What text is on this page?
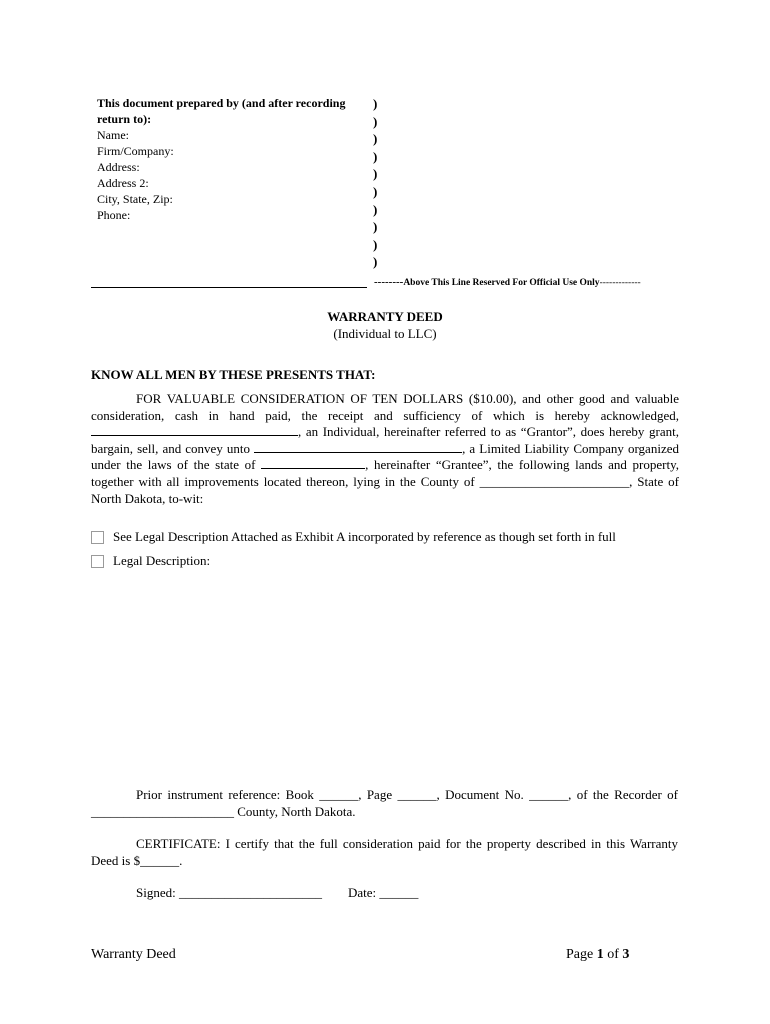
This document prepared by (and after recording return to):
Name:
Firm/Company:
Address:
Address 2:
City, State, Zip:
Phone:
)
)
)
)
)
)
)
)
)
)
--------Above This Line Reserved For Official Use Only-------------
WARRANTY DEED
(Individual to LLC)
KNOW ALL MEN BY THESE PRESENTS THAT:
FOR VALUABLE CONSIDERATION OF TEN DOLLARS ($10.00), and other good and valuable consideration, cash in hand paid, the receipt and sufficiency of which is hereby acknowledged, , an Individual, hereinafter referred to as “Grantor”, does hereby grant, bargain, sell, and convey unto	, a Limited Liability Company organized under the laws of the state of	, hereinafter “Grantee”, the following lands and property, together with all improvements located thereon, lying in the County of _______________________, State of North Dakota, to-wit:
See Legal Description Attached as Exhibit A incorporated by reference as though set forth in full
Legal Description:
Prior instrument reference: Book ______, Page ______, Document No. ______, of the Recorder of ______________________ County, North Dakota.
CERTIFICATE: I certify that the full consideration paid for the property described in this Warranty Deed is $______.
Signed: ______________________ Date: ______
Warranty Deed	Page 1 of 3
